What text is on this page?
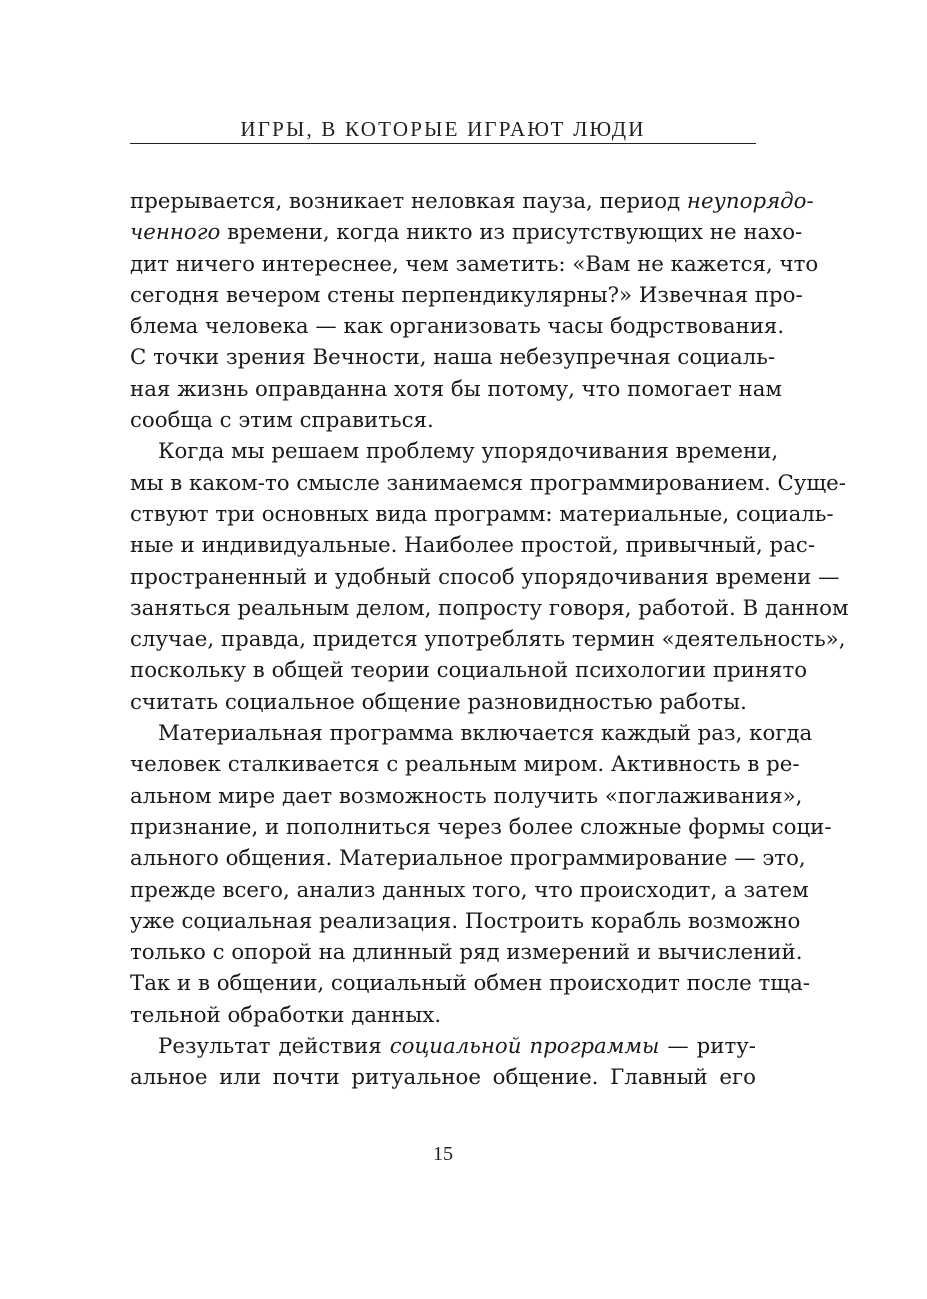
ИГРЫ, В КОТОРЫЕ ИГРАЮТ ЛЮДИ
прерывается, возникает неловкая пауза, период неупорядо-
ченного времени, когда никто из присутствующих не нахо-
дит ничего интереснее, чем заметить: «Вам не кажется, что
сегодня вечером стены перпендикулярны?» Извечная про-
блема человека — как организовать часы бодрствования.
С точки зрения Вечности, наша небезупречная социаль-
ная жизнь оправданна хотя бы потому, что помогает нам
сообща с этим справиться.
Когда мы решаем проблему упорядочивания времени,
мы в каком-то смысле занимаемся программированием. Суще-
ствуют три основных вида программ: материальные, социаль-
ные и индивидуальные. Наиболее простой, привычный, рас-
пространенный и удобный способ упорядочивания времени —
заняться реальным делом, попросту говоря, работой. В данном
случае, правда, придется употреблять термин «деятельность»,
поскольку в общей теории социальной психологии принято
считать социальное общение разновидностью работы.
Материальная программа включается каждый раз, когда
человек сталкивается с реальным миром. Активность в ре-
альном мире дает возможность получить «поглаживания»,
признание, и пополниться через более сложные формы соци-
ального общения. Материальное программирование — это,
прежде всего, анализ данных того, что происходит, а затем
уже социальная реализация. Построить корабль возможно
только с опорой на длинный ряд измерений и вычислений.
Так и в общении, социальный обмен происходит после тща-
тельной обработки данных.
Результат действия социальной программы — риту-
альное или почти ритуальное общение. Главный его
15
